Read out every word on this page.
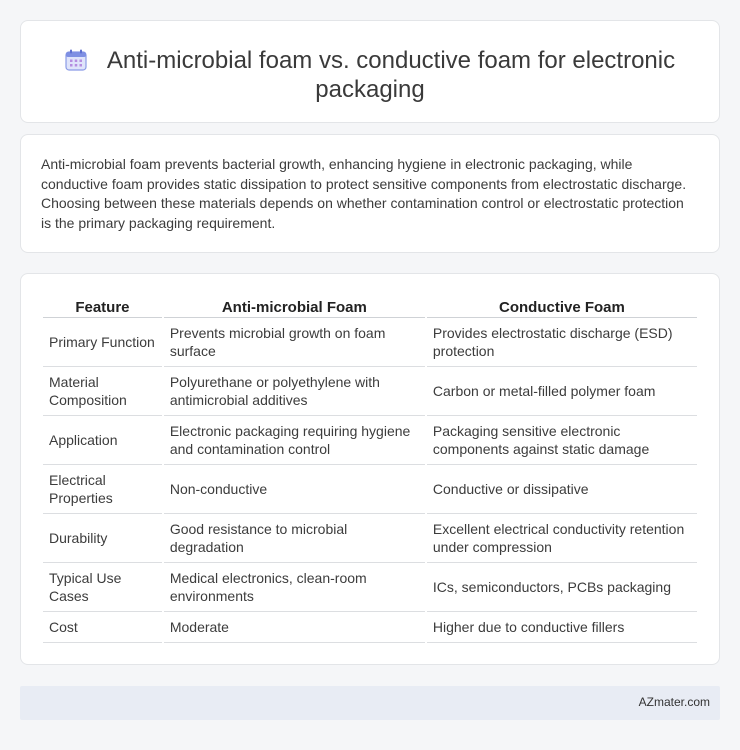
Anti-microbial foam vs. conductive foam for electronic packaging

Anti-microbial foam prevents bacterial growth, enhancing hygiene in electronic packaging, while conductive foam provides static dissipation to protect sensitive components from electrostatic discharge. Choosing between these materials depends on whether contamination control or electrostatic protection is the primary packaging requirement.

Feature	Anti-microbial Foam	Conductive Foam
Primary Function	Prevents microbial growth on foam surface	Provides electrostatic discharge (ESD) protection
Material Composition	Polyurethane or polyethylene with antimicrobial additives	Carbon or metal-filled polymer foam
Application	Electronic packaging requiring hygiene and contamination control	Packaging sensitive electronic components against static damage
Electrical Properties	Non-conductive	Conductive or dissipative
Durability	Good resistance to microbial degradation	Excellent electrical conductivity retention under compression
Typical Use Cases	Medical electronics, clean-room environments	ICs, semiconductors, PCBs packaging
Cost	Moderate	Higher due to conductive fillers
AZmater.com
